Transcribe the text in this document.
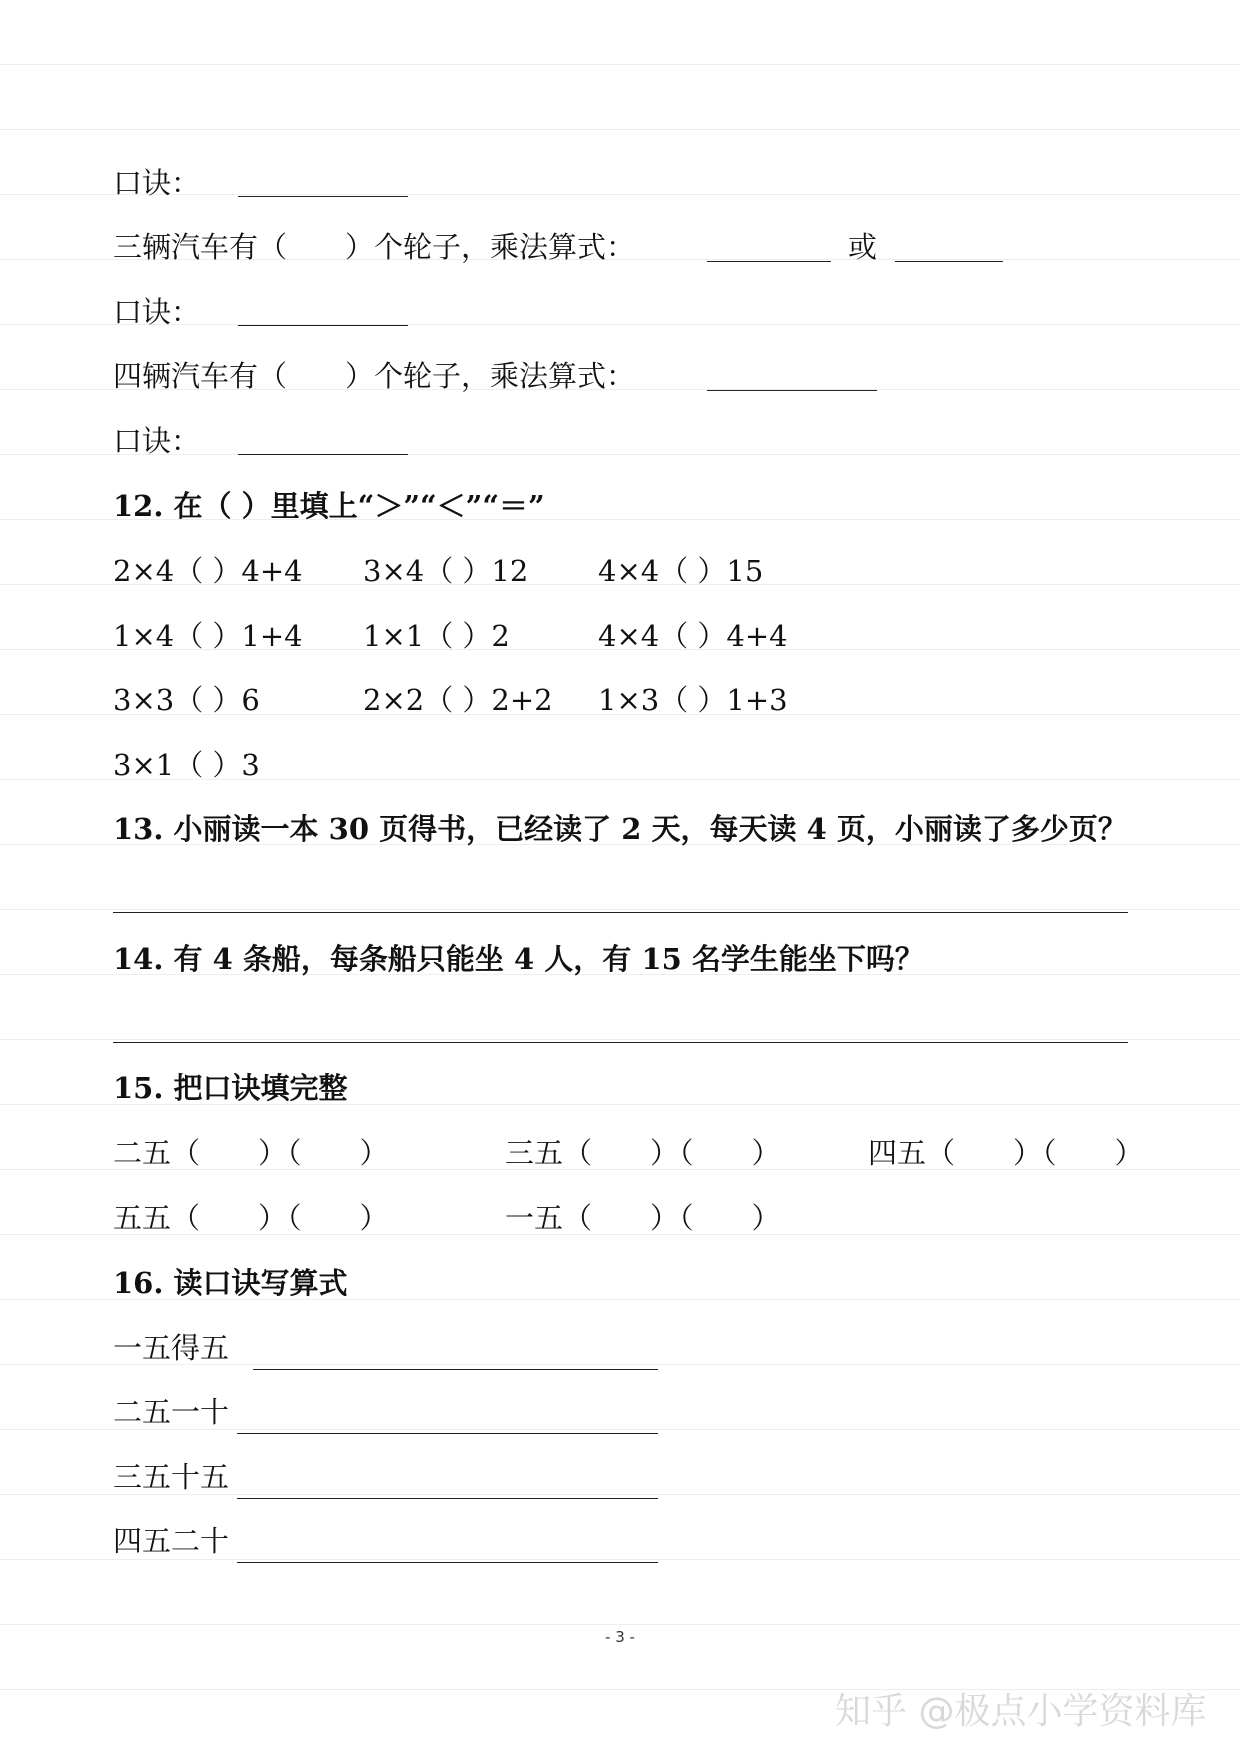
口诀：
三辆汽车有（　　）个轮子，乘法算式：	或
口诀：
四辆汽车有（　　）个轮子，乘法算式：
口诀：
12. 在（ ）里填上“＞”“＜”“＝”
2×4（ ）4+4 3×4（ ）12 4×4（ ）15
1×4（ ）1+4 1×1（ ）2	4×4（ ）4+4
3×3（ ）6	2×2（ ）2+2 1×3（ ）1+3
3×1（ ）3
13. 小丽读一本 30 页得书，已经读了 2 天，每天读 4 页，小丽读了多少页？
14. 有 4 条船，每条船只能坐 4 人，有 15 名学生能坐下吗？
15. 把口诀填完整
二五（　　）（　　）	三五（　　）（　　）	四五（　　）（　　）
五五（　　）（　　）	一五（　　）（　　）
16. 读口诀写算式
一五得五
二五一十
三五十五
四五二十
- 3 -
知乎 @极点小学资料库
